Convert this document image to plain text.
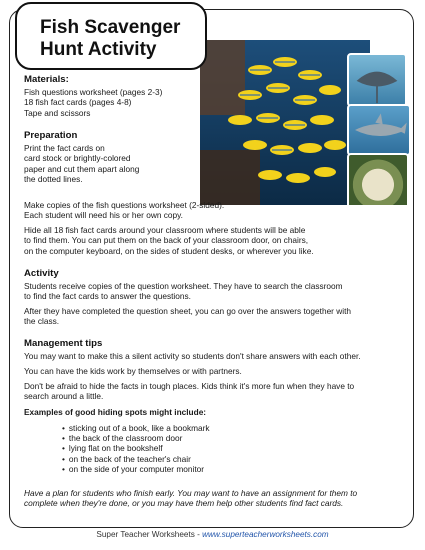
Fish Scavenger
Hunt Activity
Materials:
Fish questions worksheet (pages 2-3)
18 fish fact cards (pages 4-8)
Tape and scissors
Preparation
Print the fact cards on
card stock or brightly-colored
paper and cut them apart along
the dotted lines.
Make copies of the fish questions worksheet (2-sided).
Each student will need his or her own copy.
Hide all 18 fish fact cards around your classroom where students will be able
to find them. You can put them on the back of your classroom door, on chairs,
on the computer keyboard, on the sides of student desks, or wherever you like.
Activity
Students receive copies of the question worksheet. They have to search the classroom
to find the fact cards to answer the questions.
After they have completed the question sheet, you can go over the answers together with
the class.
Management tips
You may want to make this a silent activity so students don't share answers with each other.
You can have the kids work by themselves or with partners.
Don't be afraid to hide the facts in tough places. Kids think it's more fun when they have to
search around a little.
Examples of good hiding spots might include:
• sticking out of a book, like a bookmark
• the back of the classroom door
• lying flat on the bookshelf
• on the back of the teacher's chair
• on the side of your computer monitor
Have a plan for students who finish early. You may want to have an assignment for them to
complete when they're done, or you may have them help other students find fact cards.
Super Teacher Worksheets - www.superteacherworksheets.com
